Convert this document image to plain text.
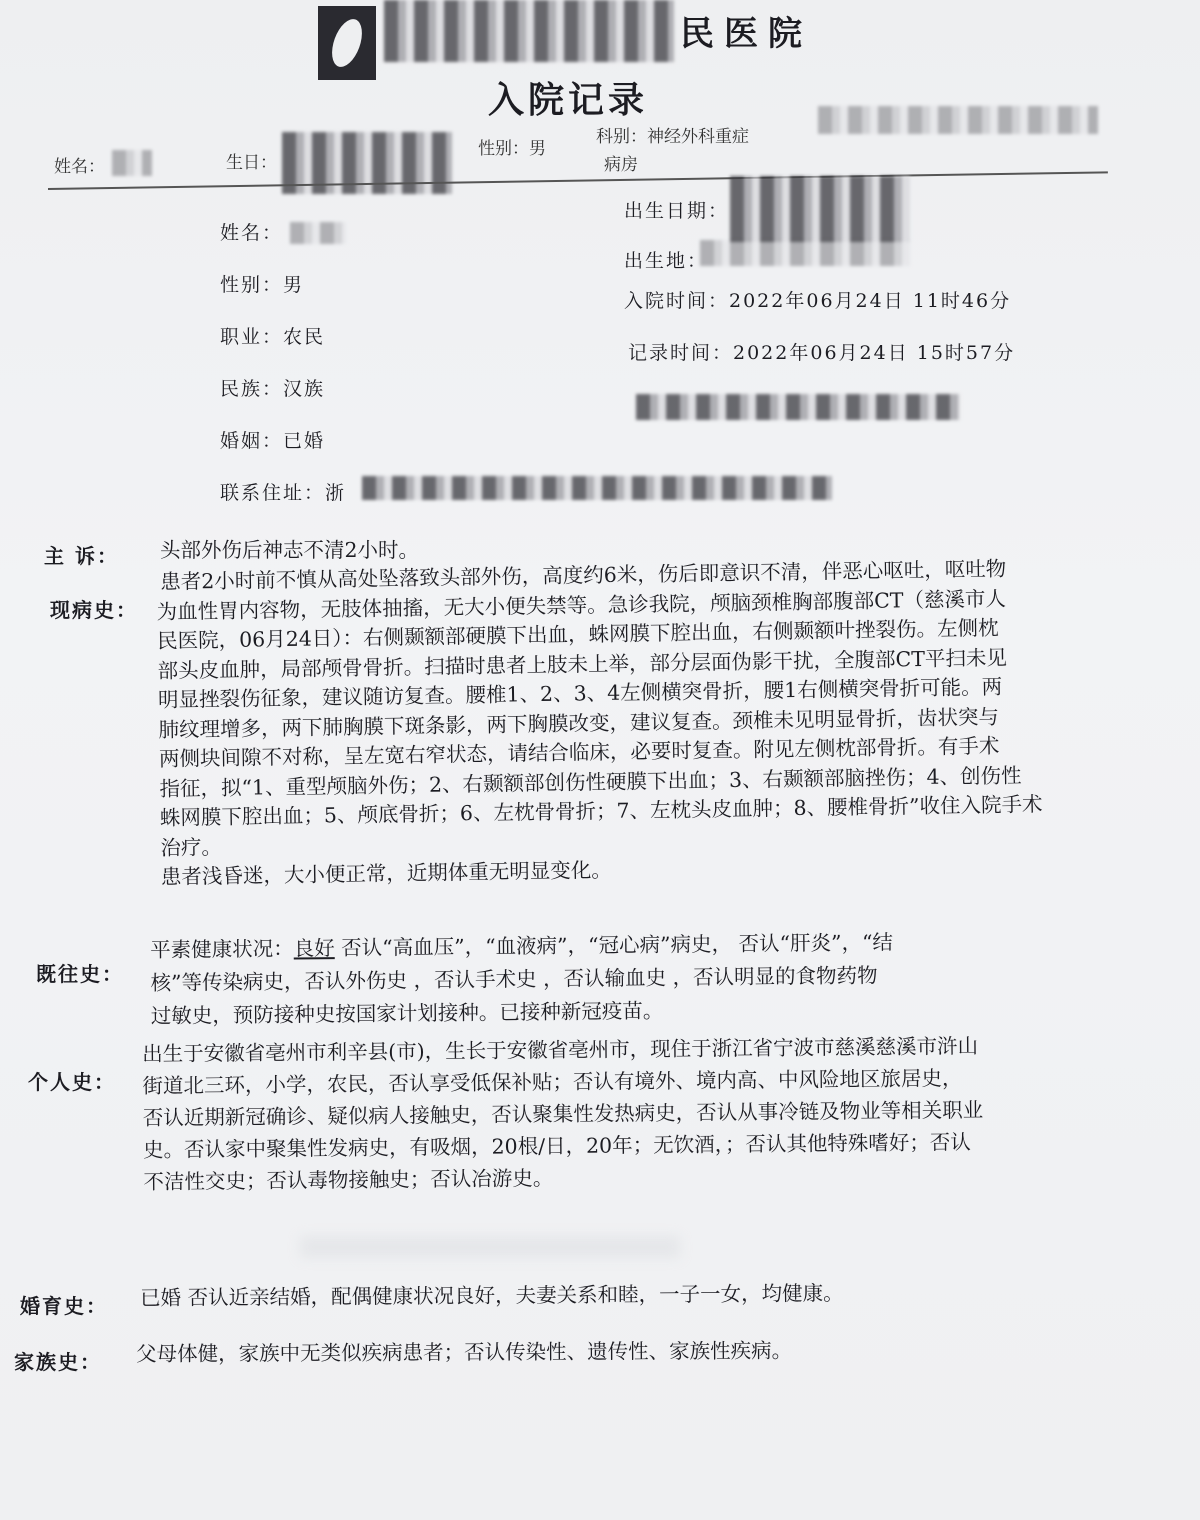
民医院
入院记录
姓名：	生日：
性别：男
科别：神经外科重症
病房
姓名：
性别：男
职业：农民
民族：汉族
婚姻：已婚
联系住址：浙
出生日期：
出生地：
入院时间：2022年06月24日 11时46分
记录时间：2022年06月24日 15时57分
主 诉： 头部外伤后神志不清2小时。
现病史：
患者2小时前不慎从高处坠落致头部外伤，高度约6米，伤后即意识不清，伴恶心呕吐，呕吐物
为血性胃内容物，无肢体抽搐，无大小便失禁等。急诊我院，颅脑颈椎胸部腹部CT（慈溪市人
民医院，06月24日）：右侧颞额部硬膜下出血，蛛网膜下腔出血，右侧颞额叶挫裂伤。左侧枕
部头皮血肿，局部颅骨骨折。扫描时患者上肢未上举，部分层面伪影干扰，全腹部CT平扫未见
明显挫裂伤征象，建议随访复查。腰椎1、2、3、4左侧横突骨折，腰1右侧横突骨折可能。两
肺纹理增多，两下肺胸膜下斑条影，两下胸膜改变，建议复查。颈椎未见明显骨折，齿状突与
两侧块间隙不对称，呈左宽右窄状态，请结合临床，必要时复查。附见左侧枕部骨折。有手术
指征，拟“1、重型颅脑外伤；2、右颞额部创伤性硬膜下出血；3、右颞额部脑挫伤；4、创伤性
蛛网膜下腔出血；5、颅底骨折；6、左枕骨骨折；7、左枕头皮血肿；8、腰椎骨折”收住入院手术
治疗。
患者浅昏迷，大小便正常，近期体重无明显变化。
既往史：
平素健康状况：良好 否认“高血压”，“血液病”，“冠心病”病史， 否认“肝炎”，“结
核”等传染病史，否认外伤史 ，否认手术史 ，否认输血史 ，否认明显的食物药物
过敏史，预防接种史按国家计划接种。已接种新冠疫苗。
个人史：
出生于安徽省亳州市利辛县(市)，生长于安徽省亳州市，现住于浙江省宁波市慈溪慈溪市浒山
街道北三环，小学，农民，否认享受低保补贴；否认有境外、境内高、中风险地区旅居史，
否认近期新冠确诊、疑似病人接触史，否认聚集性发热病史，否认从事冷链及物业等相关职业
史。否认家中聚集性发病史，有吸烟，20根/日，20年；无饮酒，；否认其他特殊嗜好；否认
不洁性交史；否认毒物接触史；否认冶游史。
婚育史： 已婚 否认近亲结婚，配偶健康状况良好，夫妻关系和睦，一子一女，均健康。
家族史： 父母体健，家族中无类似疾病患者；否认传染性、遗传性、家族性疾病。
